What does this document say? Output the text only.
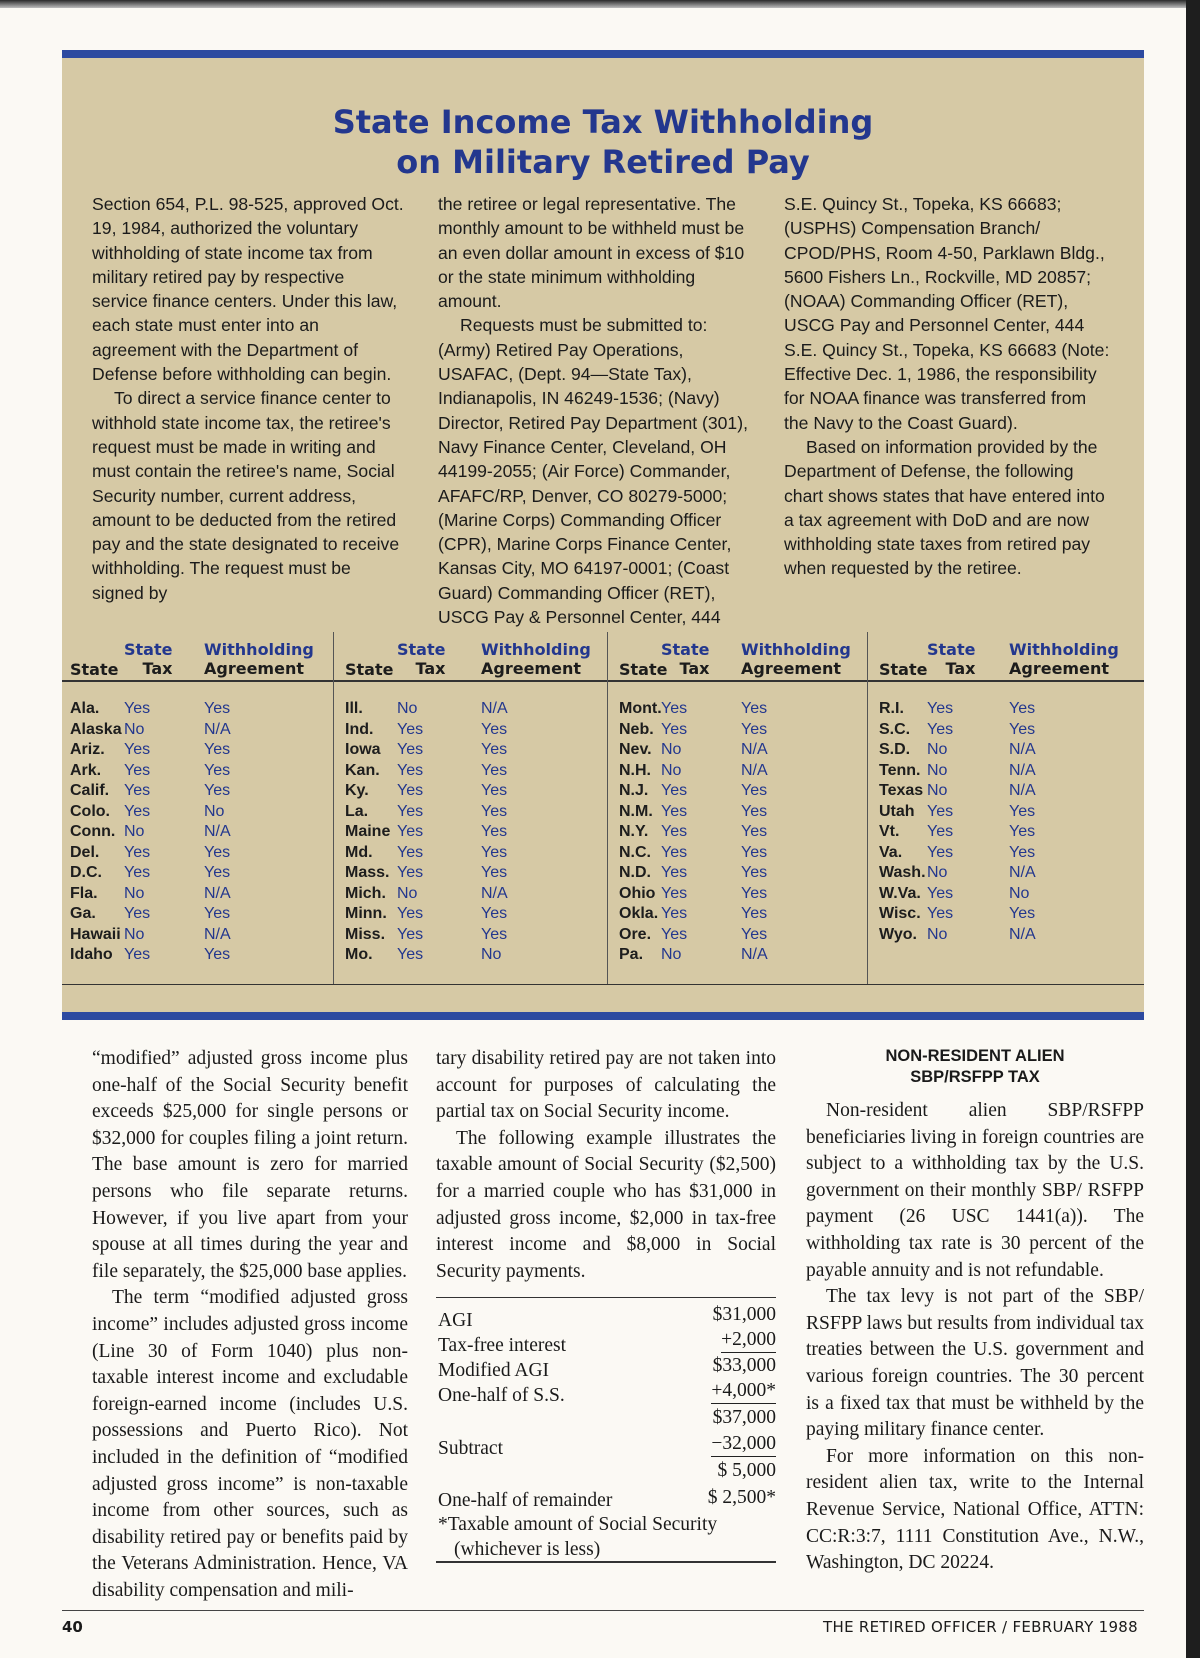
State Income Tax Withholding
on Military Retired Pay

Section 654, P.L. 98-525, approved Oct. 19, 1984, authorized the voluntary withholding of state income tax from military retired pay by respective service finance centers. Under this law, each state must enter into an agreement with the Department of Defense before withholding can begin.

To direct a service finance center to withhold state income tax, the retiree's request must be made in writing and must contain the retiree's name, Social Security number, current address, amount to be deducted from the retired pay and the state designated to receive withholding. The request must be signed by

the retiree or legal representative. The monthly amount to be withheld must be an even dollar amount in excess of $10 or the state minimum withholding amount.

Requests must be submitted to: (Army) Retired Pay Operations, USAFAC, (Dept. 94—State Tax), Indianapolis, IN 46249-1536; (Navy) Director, Retired Pay Department (301), Navy Finance Center, Cleveland, OH 44199-2055; (Air Force) Commander, AFAFC/RP, Denver, CO 80279-5000; (Marine Corps) Commanding Officer (CPR), Marine Corps Finance Center, Kansas City, MO 64197-0001; (Coast Guard) Commanding Officer (RET), USCG Pay & Personnel Center, 444

S.E. Quincy St., Topeka, KS 66683; (USPHS) Compensation Branch/ CPOD/PHS, Room 4-50, Parklawn Bldg., 5600 Fishers Ln., Rockville, MD 20857; (NOAA) Commanding Officer (RET), USCG Pay and Personnel Center, 444 S.E. Quincy St., Topeka, KS 66683 (Note: Effective Dec. 1, 1986, the responsibility for NOAA finance was transferred from the Navy to the Coast Guard).

Based on information provided by the Department of Defense, the following chart shows states that have entered into a tax agreement with DoD and are now withholding state taxes from retired pay when requested by the retiree.

State
State
Tax
Withholding
Agreement
Ala. Yes	Yes
Alaska No	N/A
Ariz. Yes	Yes
Ark. Yes	Yes
Calif. Yes	Yes
Colo. Yes	No
Conn. No	N/A
Del. Yes	Yes
D.C. Yes	Yes
Fla. No	N/A
Ga. Yes	Yes
Hawaii No	N/A
Idaho Yes	Yes
State
State
Tax
Withholding
Agreement
Ill. No	N/A
Ind. Yes	Yes
Iowa Yes	Yes
Kan. Yes	Yes
Ky. Yes	Yes
La. Yes	Yes
Maine Yes	Yes
Md. Yes	Yes
Mass. Yes	Yes
Mich. No	N/A
Minn. Yes	Yes
Miss. Yes	Yes
Mo. Yes	No
State
State
Tax
Withholding
Agreement
Mont. Yes	Yes
Neb. Yes	Yes
Nev. No	N/A
N.H. No	N/A
N.J. Yes	Yes
N.M. Yes	Yes
N.Y. Yes	Yes
N.C. Yes	Yes
N.D. Yes	Yes
Ohio Yes	Yes
Okla. Yes	Yes
Ore. Yes	Yes
Pa. No	N/A
State
State
Tax
Withholding
Agreement
R.I. Yes	Yes
S.C. Yes	Yes
S.D. No	N/A
Tenn. No	N/A
Texas No	N/A
Utah Yes	Yes
Vt. Yes	Yes
Va. Yes	Yes
Wash. No	N/A
W.Va. Yes	No
Wisc. Yes	Yes
Wyo. No	N/A

“modified” adjusted gross income plus one-half of the Social Security benefit exceeds $25,000 for single persons or $32,000 for couples filing a joint return. The base amount is zero for married persons who file separate returns. However, if you live apart from your spouse at all times during the year and file separately, the $25,000 base applies.

The term “modified adjusted gross income” includes adjusted gross income (Line 30 of Form 1040) plus non-taxable interest income and excludable foreign-earned income (includes U.S. possessions and Puerto Rico). Not included in the definition of “modified adjusted gross income” is non-taxable income from other sources, such as disability retired pay or benefits paid by the Veterans Administration. Hence, VA disability compensation and mili-

tary disability retired pay are not taken into account for purposes of calculating the partial tax on Social Security income.

The following example illustrates the taxable amount of Social Security ($2,500) for a married couple who has $31,000 in adjusted gross income, $2,000 in tax-free interest income and $8,000 in Social Security payments.

AGI	$31,000
Tax-free interest	+2,000
Modified AGI	$33,000
One-half of S.S.	+4,000*
$37,000
Subtract	−32,000
$ 5,000
One-half of remainder	$ 2,500*
*Taxable amount of Social Security
(whichever is less)
NON-RESIDENT ALIEN
SBP/RSFPP TAX

Non-resident alien SBP/RSFPP beneficiaries living in foreign countries are subject to a withholding tax by the U.S. government on their monthly SBP/ RSFPP payment (26 USC 1441(a)). The withholding tax rate is 30 percent of the payable annuity and is not refundable.

The tax levy is not part of the SBP/ RSFPP laws but results from individual tax treaties between the U.S. government and various foreign countries. The 30 percent is a fixed tax that must be withheld by the paying military finance center.

For more information on this non-resident alien tax, write to the Internal Revenue Service, National Office, ATTN: CC:R:3:7, 1111 Constitution Ave., N.W., Washington, DC 20224.

40	THE RETIRED OFFICER / FEBRUARY 1988
